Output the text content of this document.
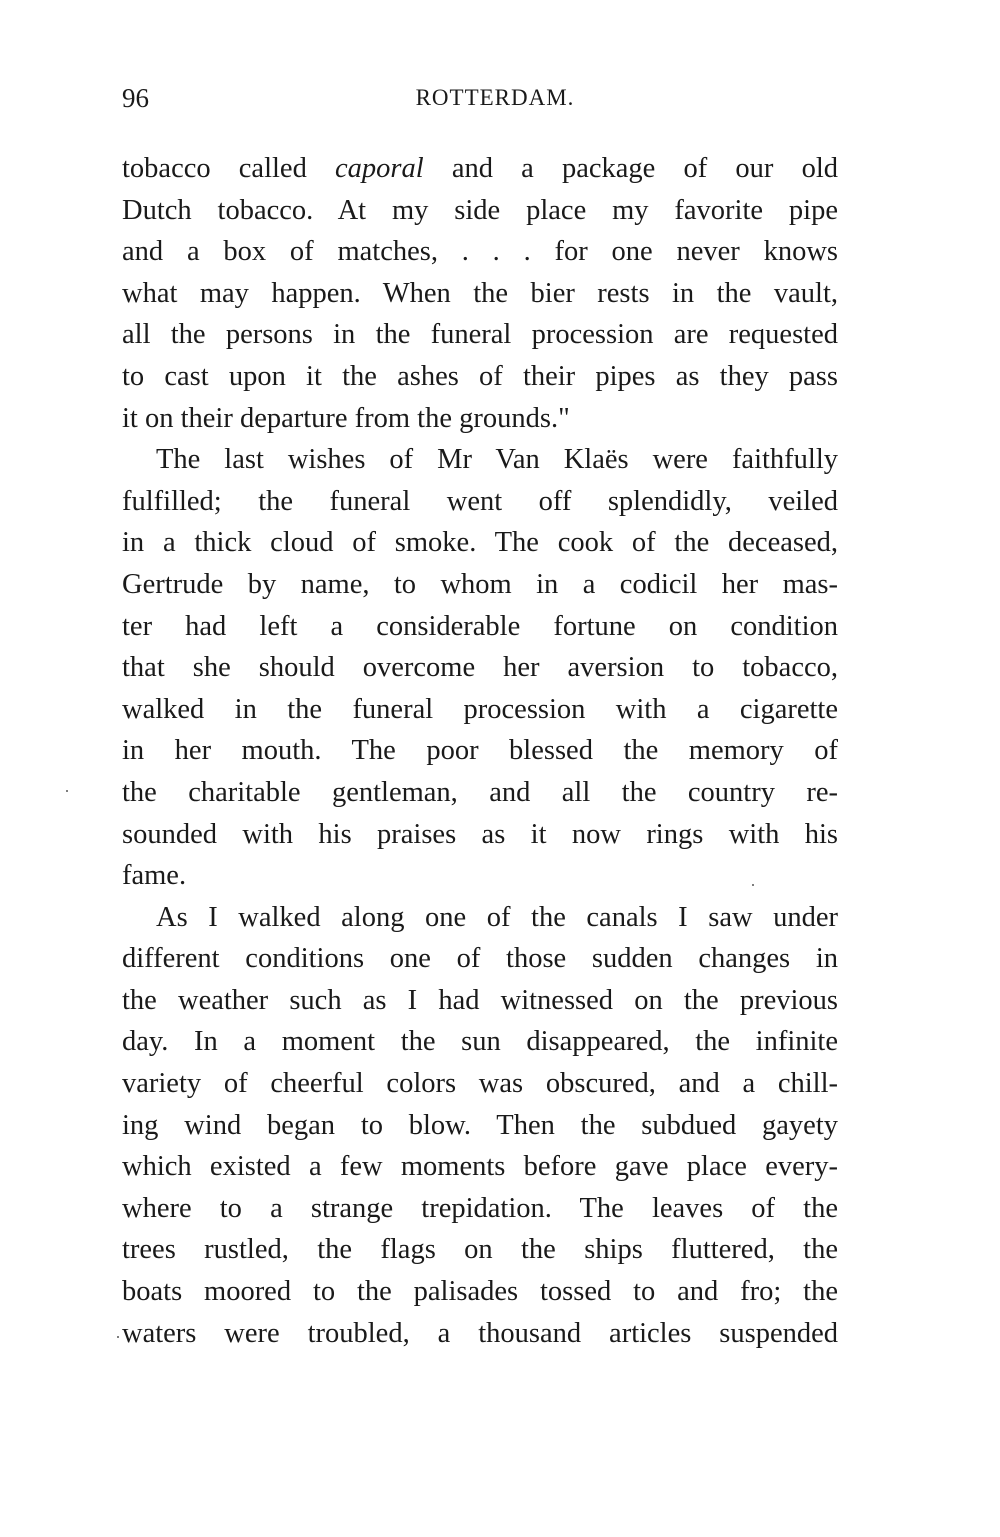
96	ROTTERDAM.
tobacco called caporal and a package of our old
Dutch tobacco. At my side place my favorite pipe
and a box of matches, . . . for one never knows
what may happen. When the bier rests in the vault,
all the persons in the funeral procession are requested
to cast upon it the ashes of their pipes as they pass
it on their departure from the grounds."
The last wishes of Mr Van Klaës were faithfully
fulfilled; the funeral went off splendidly, veiled
in a thick cloud of smoke. The cook of the deceased,
Gertrude by name, to whom in a codicil her mas-
ter had left a considerable fortune on condition
that she should overcome her aversion to tobacco,
walked in the funeral procession with a cigarette
in her mouth. The poor blessed the memory of
the charitable gentleman, and all the country re-
sounded with his praises as it now rings with his
fame.
As I walked along one of the canals I saw under
different conditions one of those sudden changes in
the weather such as I had witnessed on the previous
day. In a moment the sun disappeared, the infinite
variety of cheerful colors was obscured, and a chill-
ing wind began to blow. Then the subdued gayety
which existed a few moments before gave place every-
where to a strange trepidation. The leaves of the
trees rustled, the flags on the ships fluttered, the
boats moored to the palisades tossed to and fro; the
waters were troubled, a thousand articles suspended
